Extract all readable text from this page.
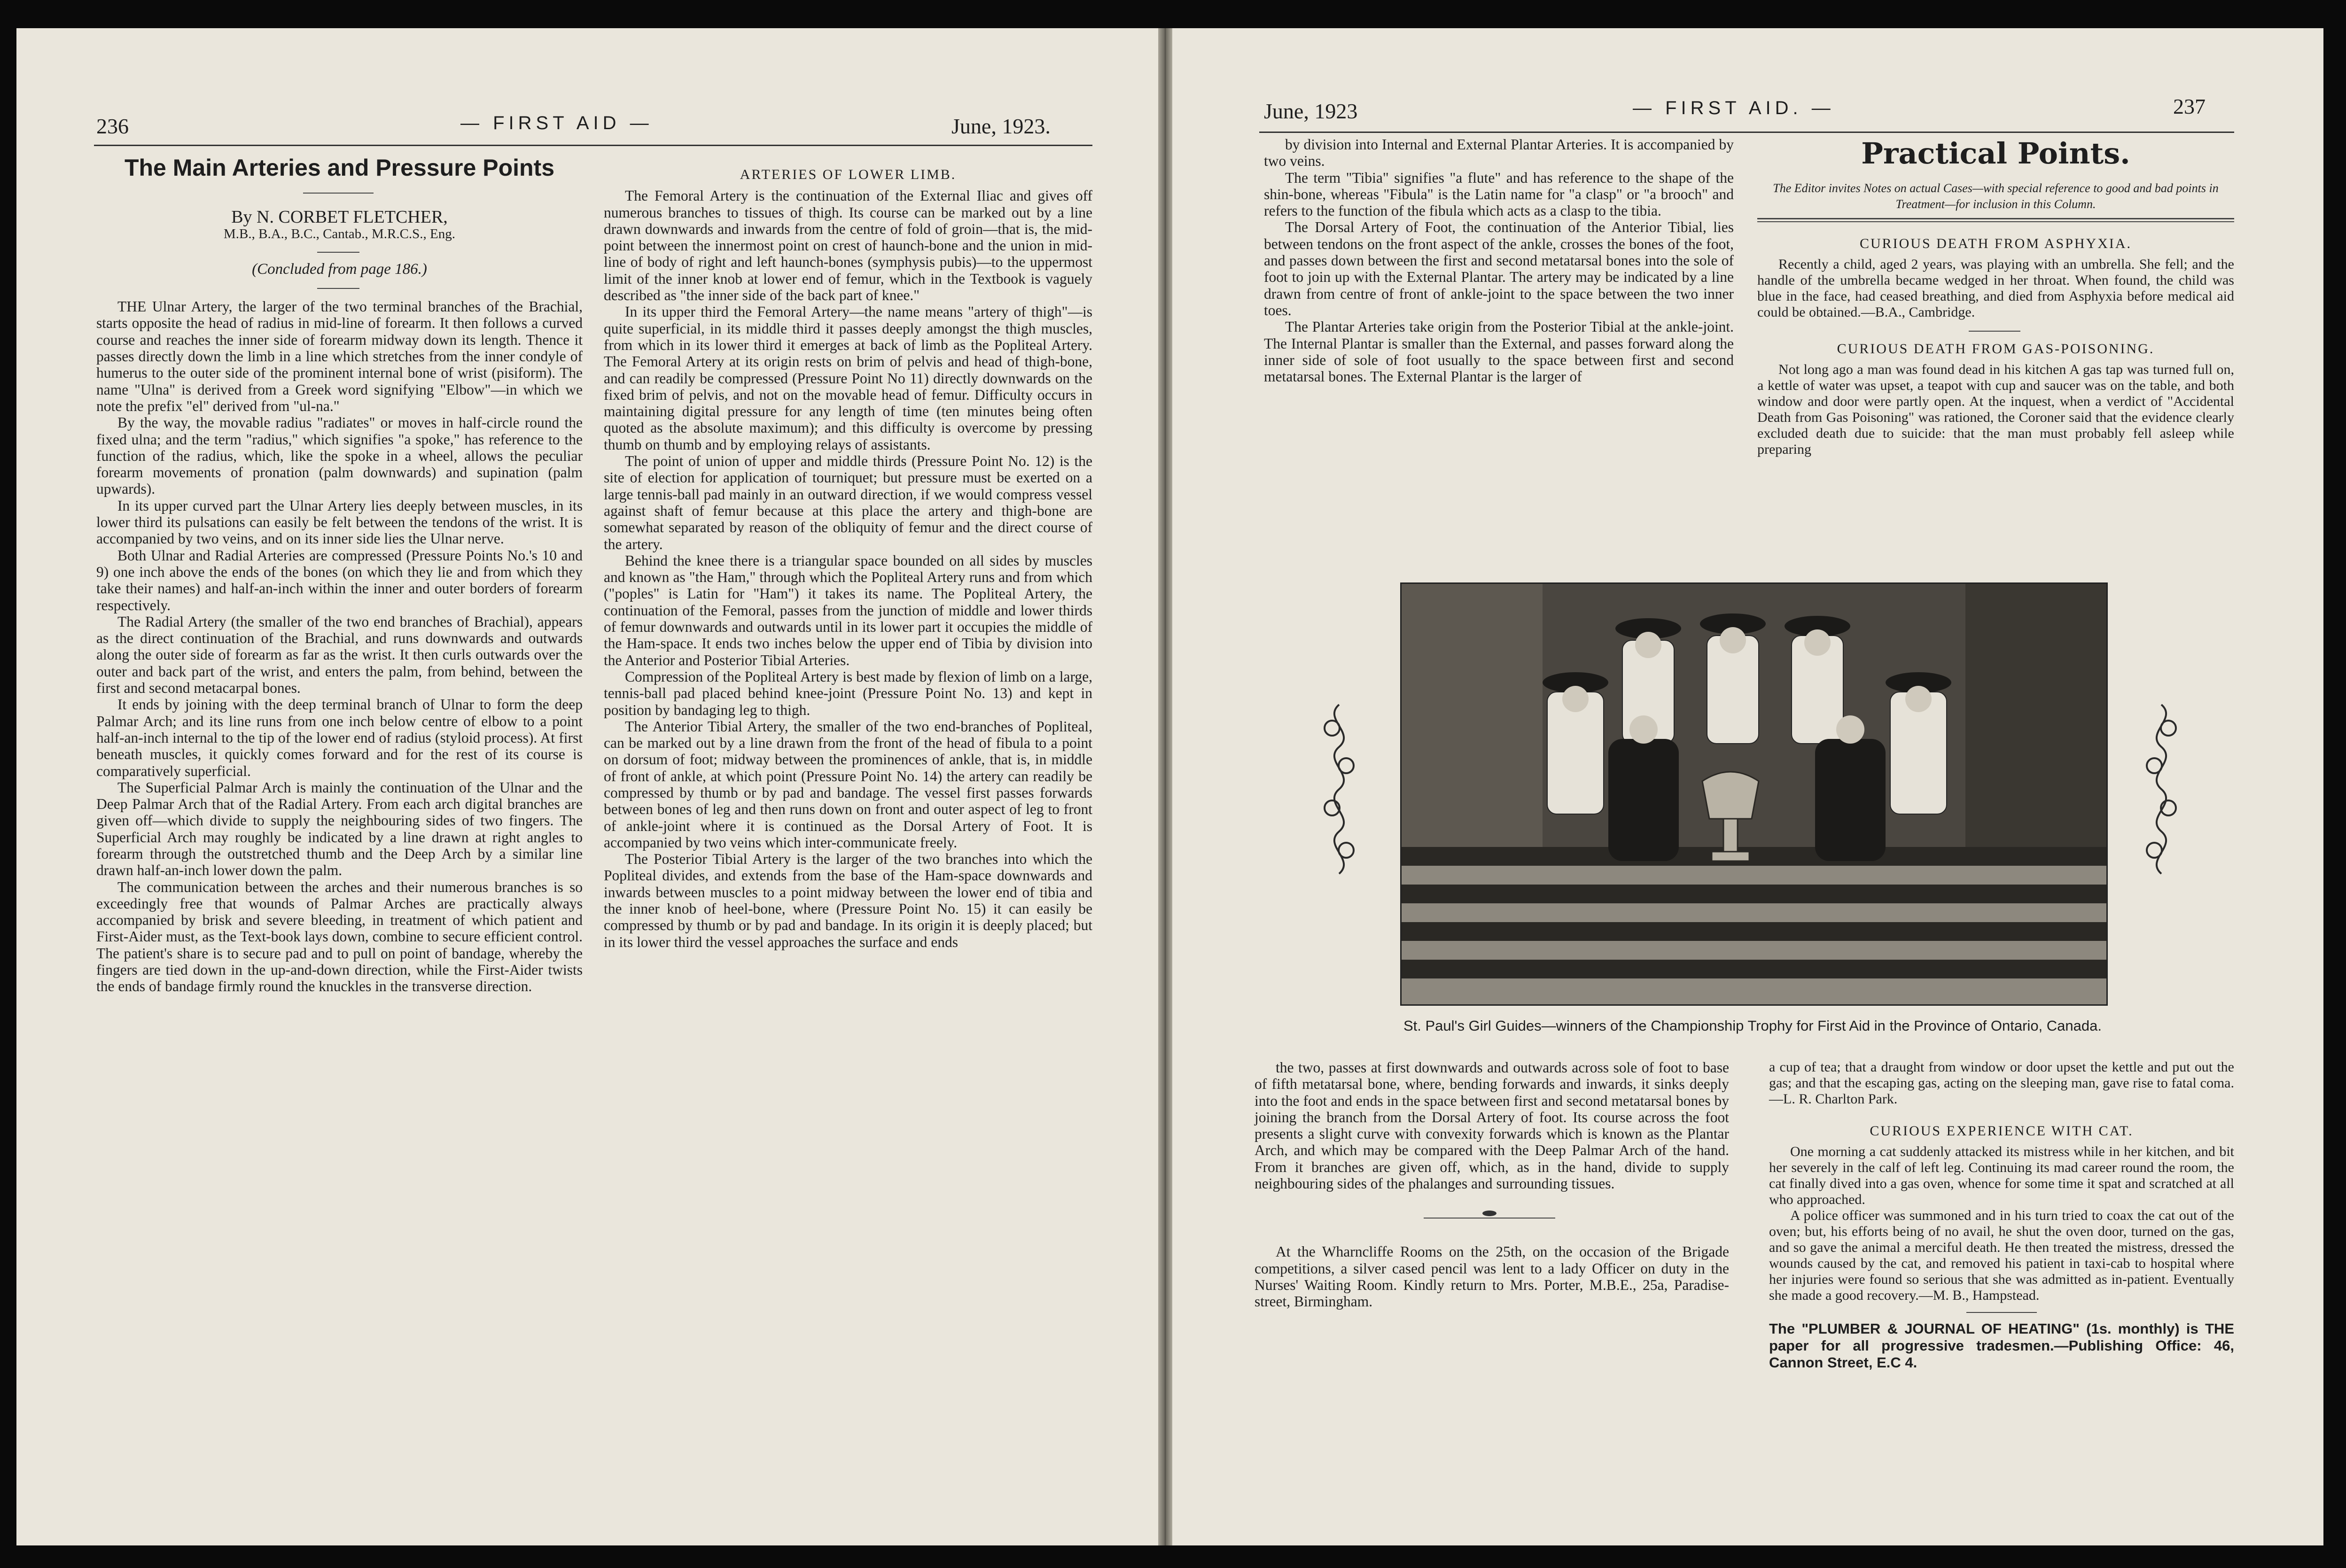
236	— FIRST AID —	June, 1923.
The Main Arteries and Pressure Points
By N. CORBET FLETCHER,
M.B., B.A., B.C., Cantab., M.R.C.S., Eng.
(Concluded from page 186.)

THE Ulnar Artery, the larger of the two terminal branches of the Brachial, starts opposite the head of radius in mid-line of forearm. It then follows a curved course and reaches the inner side of forearm midway down its length. Thence it passes directly down the limb in a line which stretches from the inner condyle of humerus to the outer side of the prominent internal bone of wrist (pisiform). The name "Ulna" is derived from a Greek word signifying "Elbow"—in which we note the prefix "el" derived from "ul-na."

By the way, the movable radius "radiates" or moves in half-circle round the fixed ulna; and the term "radius," which signifies "a spoke," has reference to the function of the radius, which, like the spoke in a wheel, allows the peculiar forearm movements of pronation (palm downwards) and supination (palm upwards).

In its upper curved part the Ulnar Artery lies deeply between muscles, in its lower third its pulsations can easily be felt between the tendons of the wrist. It is accompanied by two veins, and on its inner side lies the Ulnar nerve.

Both Ulnar and Radial Arteries are compressed (Pressure Points No.'s 10 and 9) one inch above the ends of the bones (on which they lie and from which they take their names) and half-an-inch within the inner and outer borders of forearm respectively.

The Radial Artery (the smaller of the two end branches of Brachial), appears as the direct continuation of the Brachial, and runs downwards and outwards along the outer side of forearm as far as the wrist. It then curls outwards over the outer and back part of the wrist, and enters the palm, from behind, between the first and second metacarpal bones.

It ends by joining with the deep terminal branch of Ulnar to form the deep Palmar Arch; and its line runs from one inch below centre of elbow to a point half-an-inch internal to the tip of the lower end of radius (styloid process). At first beneath muscles, it quickly comes forward and for the rest of its course is comparatively superficial.

The Superficial Palmar Arch is mainly the continuation of the Ulnar and the Deep Palmar Arch that of the Radial Artery. From each arch digital branches are given off—which divide to supply the neighbouring sides of two fingers. The Superficial Arch may roughly be indicated by a line drawn at right angles to forearm through the outstretched thumb and the Deep Arch by a similar line drawn half-an-inch lower down the palm.

The communication between the arches and their numerous branches is so exceedingly free that wounds of Palmar Arches are practically always accompanied by brisk and severe bleeding, in treatment of which patient and First-Aider must, as the Text-book lays down, combine to secure efficient control. The patient's share is to secure pad and to pull on point of bandage, whereby the fingers are tied down in the up-and-down direction, while the First-Aider twists the ends of bandage firmly round the knuckles in the transverse direction.

ARTERIES OF LOWER LIMB.

The Femoral Artery is the continuation of the External Iliac and gives off numerous branches to tissues of thigh. Its course can be marked out by a line drawn downwards and inwards from the centre of fold of groin—that is, the mid-point between the innermost point on crest of haunch-bone and the union in mid-line of body of right and left haunch-bones (symphysis pubis)—to the uppermost limit of the inner knob at lower end of femur, which in the Textbook is vaguely described as "the inner side of the back part of knee."

In its upper third the Femoral Artery—the name means "artery of thigh"—is quite superficial, in its middle third it passes deeply amongst the thigh muscles, from which in its lower third it emerges at back of limb as the Popliteal Artery. The Femoral Artery at its origin rests on brim of pelvis and head of thigh-bone, and can readily be compressed (Pressure Point No 11) directly downwards on the fixed brim of pelvis, and not on the movable head of femur. Difficulty occurs in maintaining digital pressure for any length of time (ten minutes being often quoted as the absolute maximum); and this difficulty is overcome by pressing thumb on thumb and by employing relays of assistants.

The point of union of upper and middle thirds (Pressure Point No. 12) is the site of election for application of tourniquet; but pressure must be exerted on a large tennis-ball pad mainly in an outward direction, if we would compress vessel against shaft of femur because at this place the artery and thigh-bone are somewhat separated by reason of the obliquity of femur and the direct course of the artery.

Behind the knee there is a triangular space bounded on all sides by muscles and known as "the Ham," through which the Popliteal Artery runs and from which ("poples" is Latin for "Ham") it takes its name. The Popliteal Artery, the continuation of the Femoral, passes from the junction of middle and lower thirds of femur downwards and outwards until in its lower part it occupies the middle of the Ham-space. It ends two inches below the upper end of Tibia by division into the Anterior and Posterior Tibial Arteries.

Compression of the Popliteal Artery is best made by flexion of limb on a large, tennis-ball pad placed behind knee-joint (Pressure Point No. 13) and kept in position by bandaging leg to thigh.

The Anterior Tibial Artery, the smaller of the two end-branches of Popliteal, can be marked out by a line drawn from the front of the head of fibula to a point on dorsum of foot; midway between the prominences of ankle, that is, in middle of front of ankle, at which point (Pressure Point No. 14) the artery can readily be compressed by thumb or by pad and bandage. The vessel first passes forwards between bones of leg and then runs down on front and outer aspect of leg to front of ankle-joint where it is continued as the Dorsal Artery of Foot. It is accompanied by two veins which inter-communicate freely.

The Posterior Tibial Artery is the larger of the two branches into which the Popliteal divides, and extends from the base of the Ham-space downwards and inwards between muscles to a point midway between the lower end of tibia and the inner knob of heel-bone, where (Pressure Point No. 15) it can easily be compressed by thumb or by pad and bandage. In its origin it is deeply placed; but in its lower third the vessel approaches the surface and ends

June, 1923	— FIRST AID. —	237

by division into Internal and External Plantar Arteries. It is accompanied by two veins.

The term "Tibia" signifies "a flute" and has reference to the shape of the shin-bone, whereas "Fibula" is the Latin name for "a clasp" or "a brooch" and refers to the function of the fibula which acts as a clasp to the tibia.

The Dorsal Artery of Foot, the continuation of the Anterior Tibial, lies between tendons on the front aspect of the ankle, crosses the bones of the foot, and passes down between the first and second metatarsal bones into the sole of foot to join up with the External Plantar. The artery may be indicated by a line drawn from centre of front of ankle-joint to the space between the two inner toes.

The Plantar Arteries take origin from the Posterior Tibial at the ankle-joint. The Internal Plantar is smaller than the External, and passes forward along the inner side of sole of foot usually to the space between first and second metatarsal bones. The External Plantar is the larger of

Practical Points.
The Editor invites Notes on actual Cases—with special reference to good and bad points in Treatment—for inclusion in this Column.
CURIOUS DEATH FROM ASPHYXIA.

Recently a child, aged 2 years, was playing with an umbrella. She fell; and the handle of the umbrella became wedged in her throat. When found, the child was blue in the face, had ceased breathing, and died from Asphyxia before medical aid could be obtained.—B.A., Cambridge.

CURIOUS DEATH FROM GAS-POISONING.

Not long ago a man was found dead in his kitchen A gas tap was turned full on, a kettle of water was upset, a teapot with cup and saucer was on the table, and both window and door were partly open. At the inquest, when a verdict of "Accidental Death from Gas Poisoning" was rationed, the Coroner said that the evidence clearly excluded death due to suicide: that the man must probably fell asleep while preparing

St. Paul's Girl Guides—winners of the Championship Trophy for First Aid in the Province of Ontario, Canada.

the two, passes at first downwards and outwards across sole of foot to base of fifth metatarsal bone, where, bending forwards and inwards, it sinks deeply into the foot and ends in the space between first and second metatarsal bones by joining the branch from the Dorsal Artery of foot. Its course across the foot presents a slight curve with convexity forwards which is known as the Plantar Arch, and which may be compared with the Deep Palmar Arch of the hand. From it branches are given off, which, as in the hand, divide to supply neighbouring sides of the phalanges and surrounding tissues.

At the Wharncliffe Rooms on the 25th, on the occasion of the Brigade competitions, a silver cased pencil was lent to a lady Officer on duty in the Nurses' Waiting Room. Kindly return to Mrs. Porter, M.B.E., 25a, Paradise-street, Birmingham.

a cup of tea; that a draught from window or door upset the kettle and put out the gas; and that the escaping gas, acting on the sleeping man, gave rise to fatal coma.—L. R. Charlton Park.

CURIOUS EXPERIENCE WITH CAT.

One morning a cat suddenly attacked its mistress while in her kitchen, and bit her severely in the calf of left leg. Continuing its mad career round the room, the cat finally dived into a gas oven, whence for some time it spat and scratched at all who approached.

A police officer was summoned and in his turn tried to coax the cat out of the oven; but, his efforts being of no avail, he shut the oven door, turned on the gas, and so gave the animal a merciful death. He then treated the mistress, dressed the wounds caused by the cat, and removed his patient in taxi-cab to hospital where her injuries were found so serious that she was admitted as in-patient. Eventually she made a good recovery.—M. B., Hampstead.

The "PLUMBER & JOURNAL OF HEATING" (1s. monthly) is THE paper for all progressive tradesmen.—Publishing Office: 46, Cannon Street, E.C 4.
